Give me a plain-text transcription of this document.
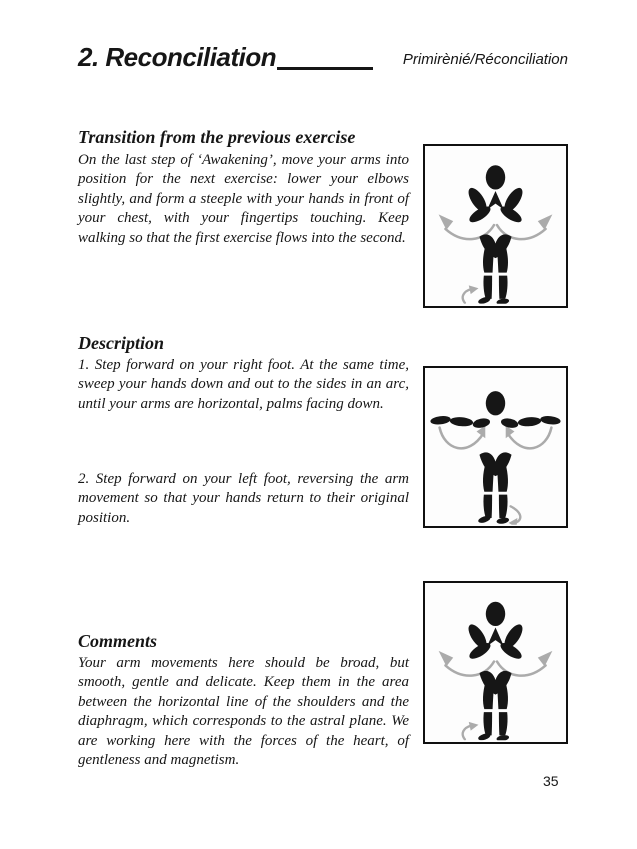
2. Reconciliation	Primirènié/Réconciliation
Transition from the previous exercise

On the last step of ‘Awakening’, move your arms into position for the next exercise: lower your elbows slightly, and form a steeple with your hands in front of your chest, with your fingertips touching. Keep walking so that the first exercise flows into the second.

Description

1. Step forward on your right foot. At the same time, sweep your hands down and out to the sides in an arc, until your arms are horizontal, palms facing down.

2. Step forward on your left foot, reversing the arm movement so that your hands return to their original position.

Comments

Your arm movements here should be broad, but smooth, gentle and delicate. Keep them in the area between the horizontal line of the shoulders and the diaphragm, which corresponds to the astral plane. We are working here with the forces of the heart, of gentleness and magnetism.

35
